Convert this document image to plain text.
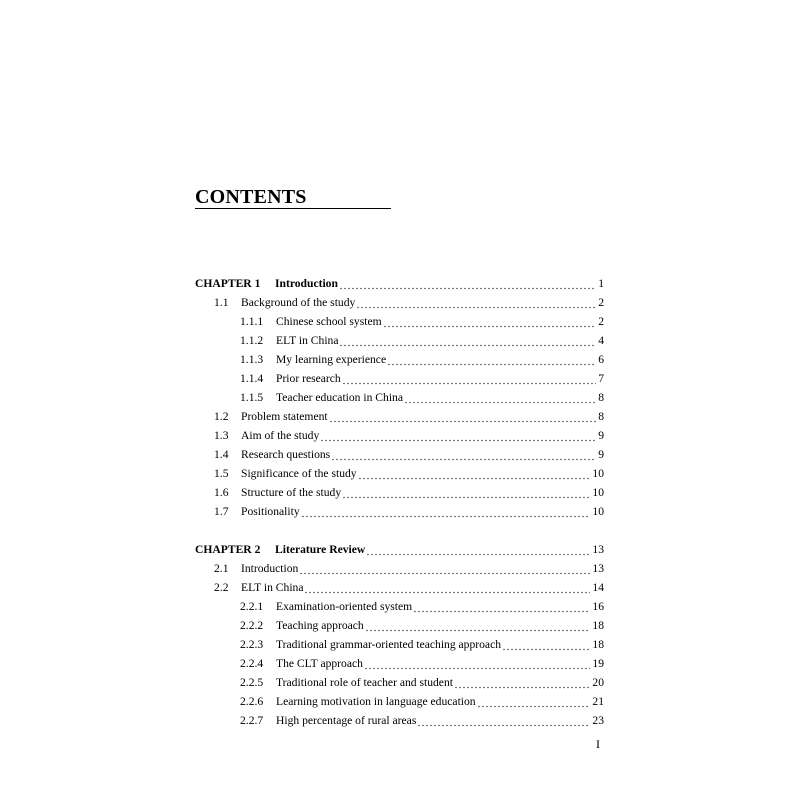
CONTENTS
CHAPTER 1	Introduction	1
1.1	Background of the study	2
1.1.1	Chinese school system	2
1.1.2	ELT in China	4
1.1.3	My learning experience	6
1.1.4	Prior research	7
1.1.5	Teacher education in China	8
1.2	Problem statement	8
1.3	Aim of the study	9
1.4	Research questions	9
1.5	Significance of the study	10
1.6	Structure of the study	10
1.7	Positionality	10
CHAPTER 2	Literature Review	13
2.1	Introduction	13
2.2	ELT in China	14
2.2.1	Examination-oriented system	16
2.2.2	Teaching approach	18
2.2.3	Traditional grammar-oriented teaching approach	18
2.2.4	The CLT approach	19
2.2.5	Traditional role of teacher and student	20
2.2.6	Learning motivation in language education	21
2.2.7	High percentage of rural areas	23
I
